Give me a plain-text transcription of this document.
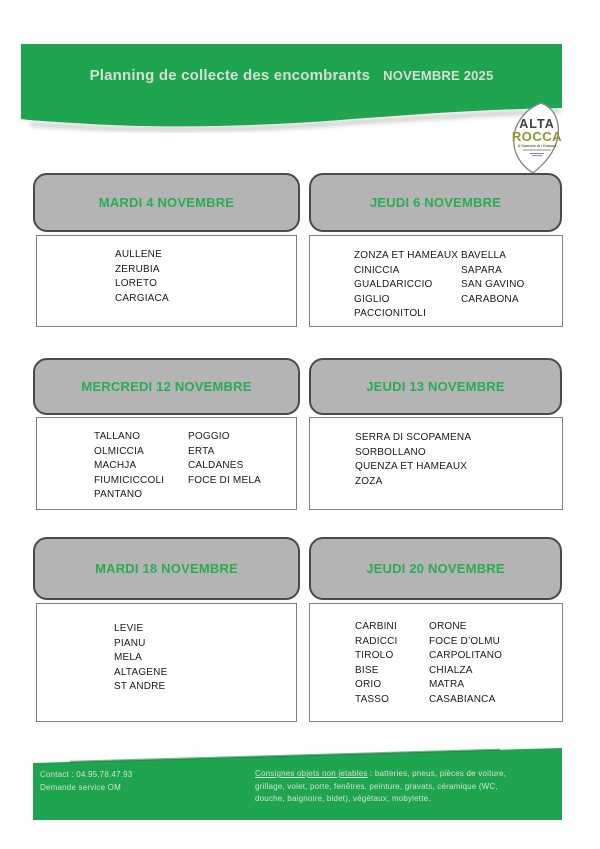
Planning de collecte des encombrants NOVEMBRE 2025
ALTA
ROCCA
U Cumune di i Cumuni
MARDI 4 NOVEMBRE
AULLENE
ZERUBIA
LORETO
CARGIACA
JEUDI 6 NOVEMBRE
ZONZA ET HAMEAUX
CINICCIA
GUALDARICCIO
GIGLIO
PACCIONITOLI
BAVELLA
SAPARA
SAN GAVINO
CARABONA
MERCREDI 12 NOVEMBRE
TALLANO
OLMICCIA
MACHJA
FIUMICICCOLI
PANTANO
POGGIO
ERTA
CALDANES
FOCE DI MELA
JEUDI 13 NOVEMBRE
SERRA DI SCOPAMENA
SORBOLLANO
QUENZA ET HAMEAUX
ZOZA
MARDI 18 NOVEMBRE
LEVIE
PIANU
MELA
ALTAGENE
ST ANDRE
JEUDI 20 NOVEMBRE
CARBINI
RADICCI
TIROLO
BISE
ORIO
TASSO
ORONE
FOCE D’OLMU
CARPOLITANO
CHIALZA
MATRA
CASABIANCA
Contact : 04.95.78.47.93
Demande service OM
Consignes objets non jetables : batteries, pneus, pièces de voiture, grillage, volet, porte, fenêtres, peinture, gravats, céramique (WC, douche, baignoire, bidet), végétaux, mobylette.
